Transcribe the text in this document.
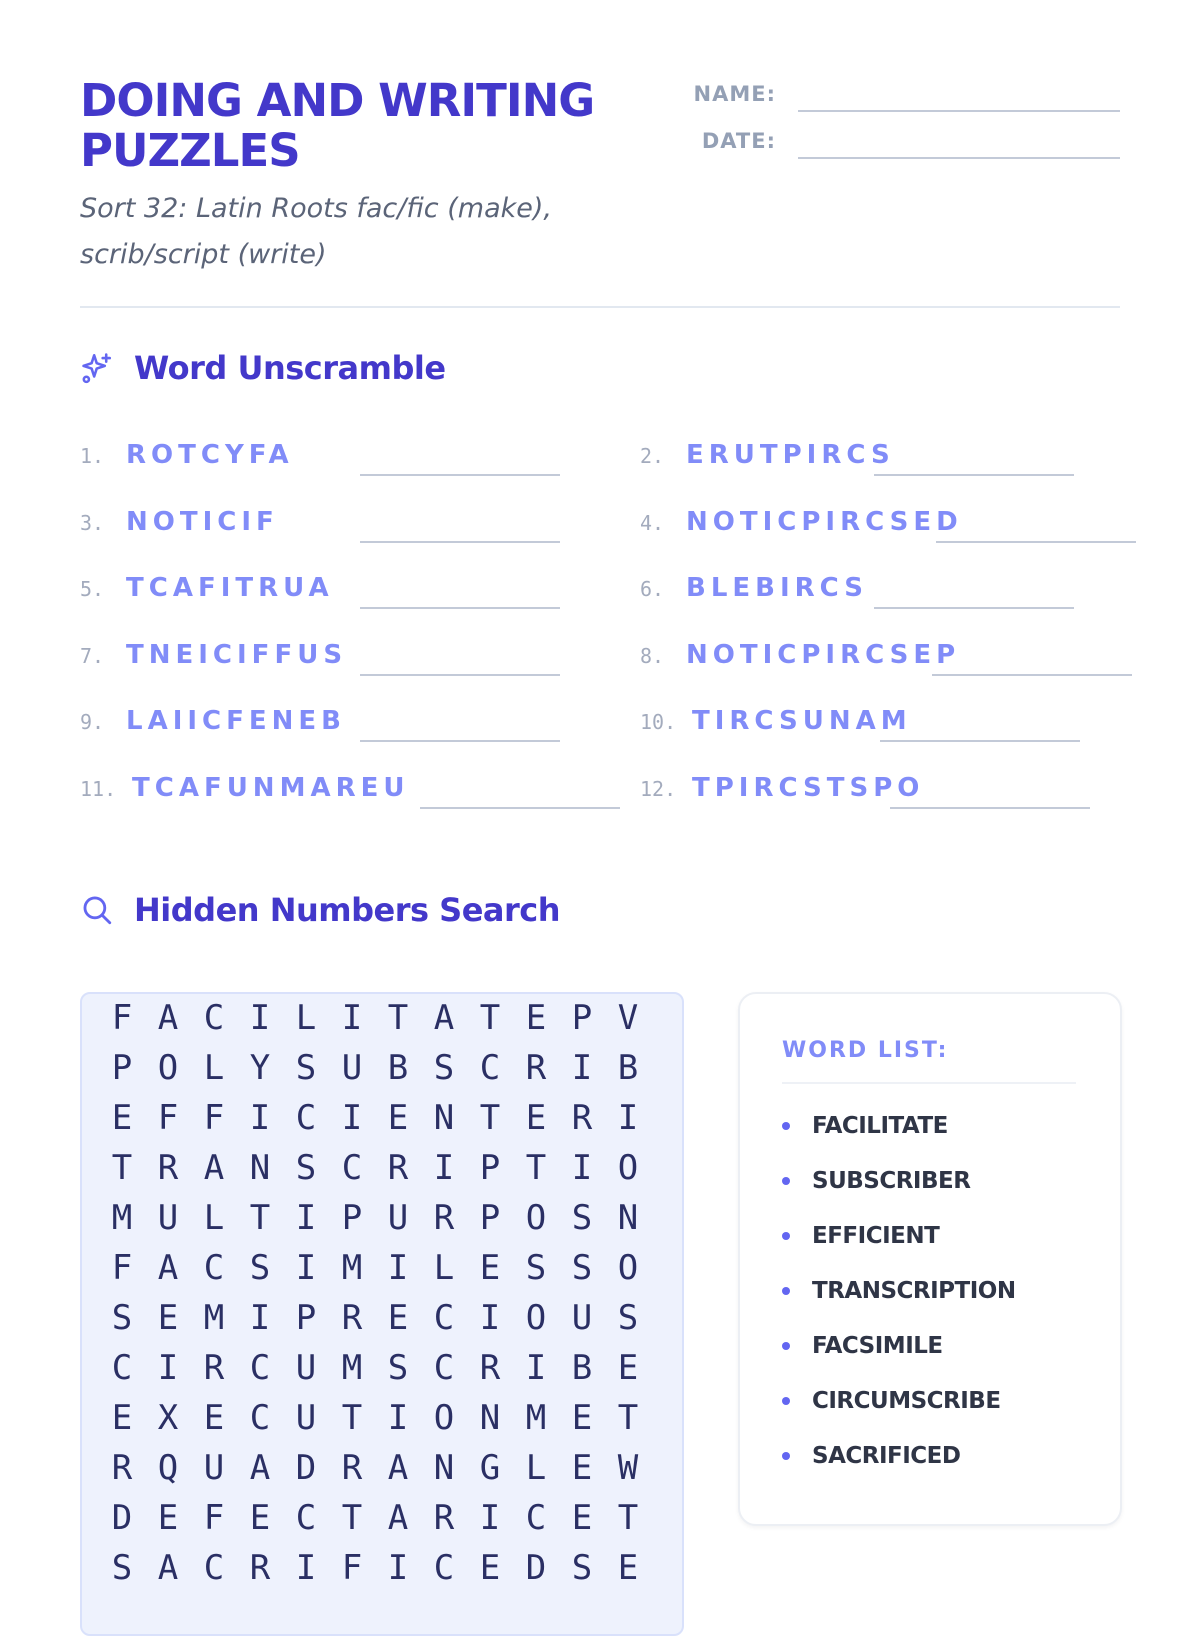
DOING AND WRITING PUZZLES

Sort 32: Latin Roots fac/fic (make), scrib/script (write)

NAME:
DATE:
Word Unscramble
1. ROTCYFA	2. ERUTPIRCS
3. NOTICIF	4. NOTICPIRCSED
5. TCAFITRUA	6. BLEBIRCS
7. TNEICIFFUS	8. NOTICPIRCSEP
9. LAIICFENEB	10. TIRCSUNAM
11. TCAFUNMAREU	12. TPIRCSTSPO
Hidden Numbers Search
F A C I L I T A T E P V
P O L Y S U B S C R I B
E F F I C I E N T E R I
T R A N S C R I P T I O
M U L T I P U R P O S N
F A C S I M I L E S S O
S E M I P R E C I O U S
C I R C U M S C R I B E
E X E C U T I O N M E T
R Q U A D R A N G L E W
D E F E C T A R I C E T
S A C R I F I C E D S E
WORD LIST:
FACILITATE
SUBSCRIBER
EFFICIENT
TRANSCRIPTION
FACSIMILE
CIRCUMSCRIBE
SACRIFICED
